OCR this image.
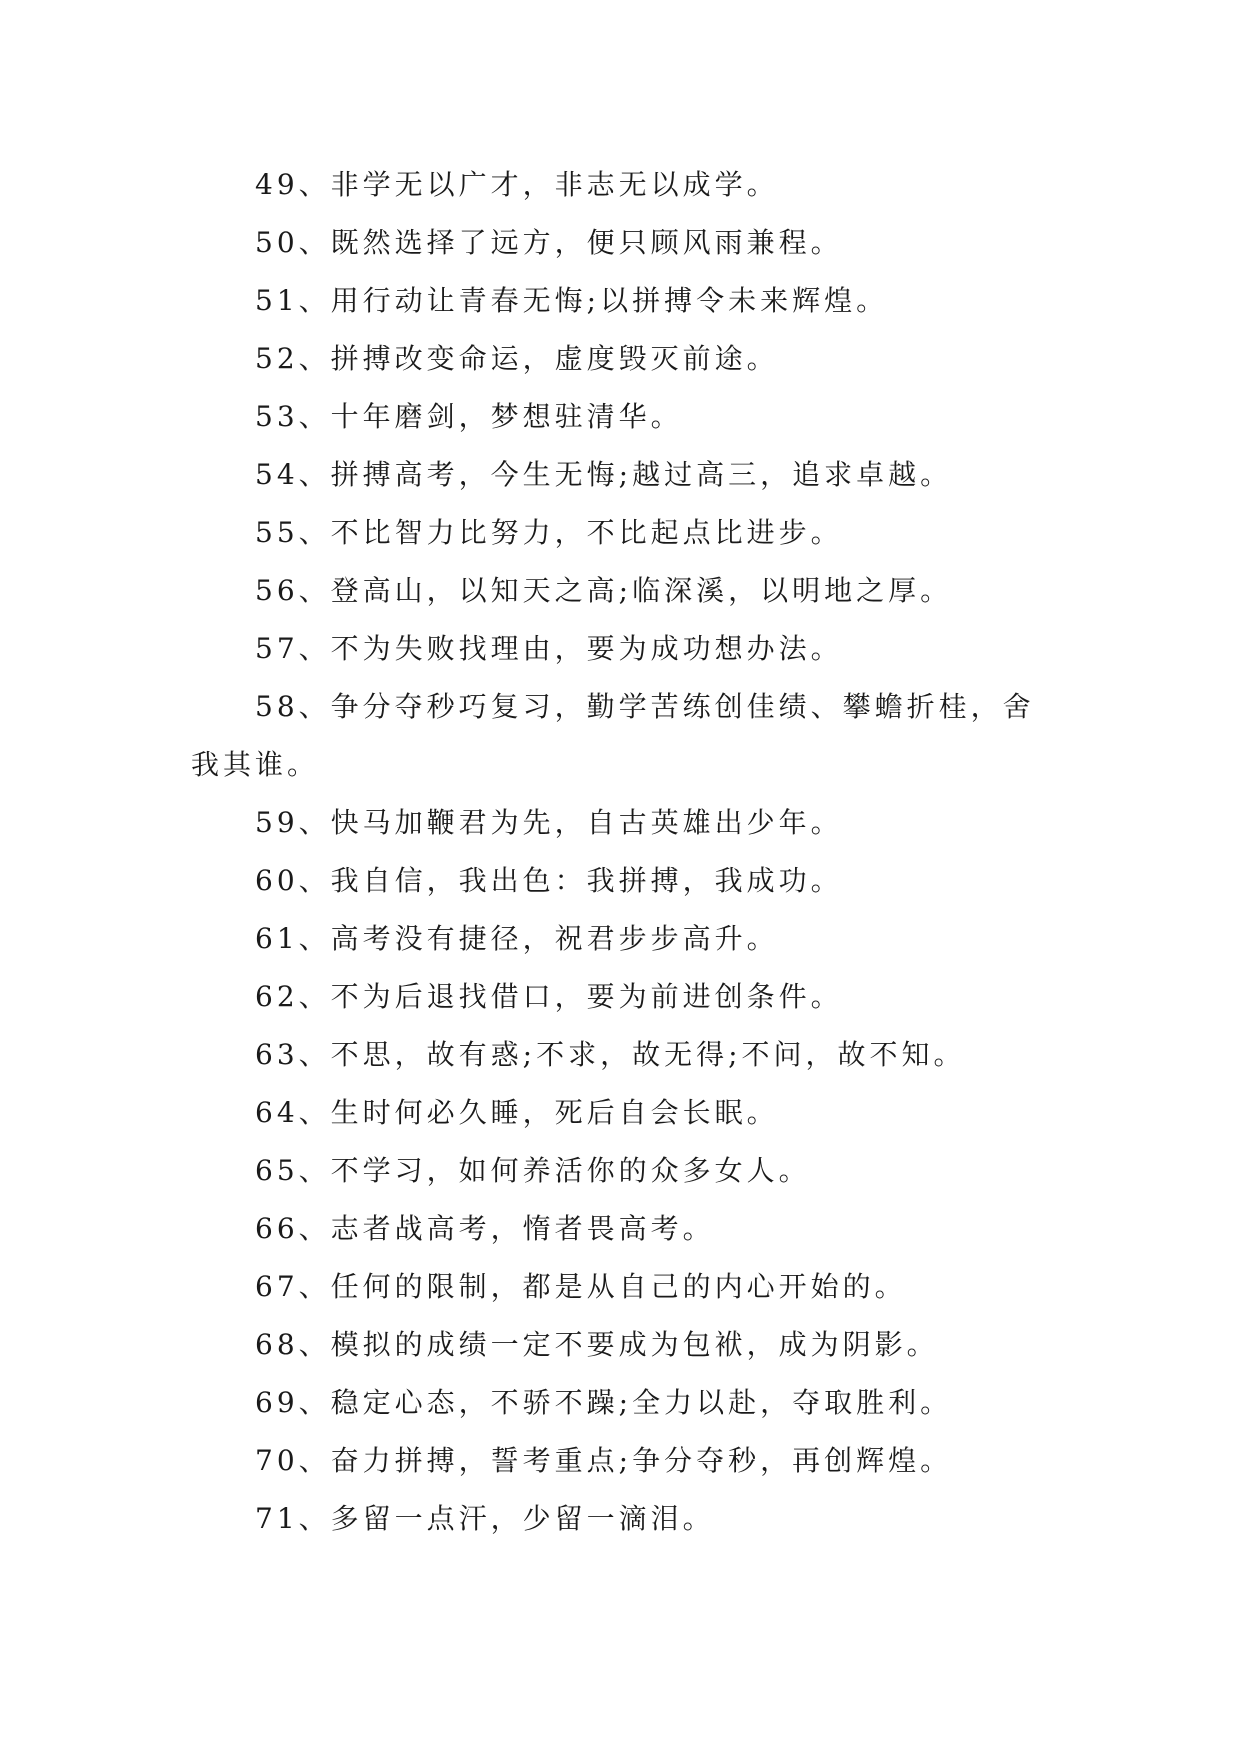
49、非学无以广才，非志无以成学。

50、既然选择了远方，便只顾风雨兼程。

51、用行动让青春无悔;以拼搏令未来辉煌。

52、拼搏改变命运，虚度毁灭前途。

53、十年磨剑，梦想驻清华。

54、拼搏高考，今生无悔;越过高三，追求卓越。

55、不比智力比努力，不比起点比进步。

56、登高山，以知天之高;临深溪，以明地之厚。

57、不为失败找理由，要为成功想办法。

58、争分夺秒巧复习，勤学苦练创佳绩、攀蟾折桂，舍我其谁。

59、快马加鞭君为先，自古英雄出少年。

60、我自信，我出色：我拼搏，我成功。

61、高考没有捷径，祝君步步高升。

62、不为后退找借口，要为前进创条件。

63、不思，故有惑;不求，故无得;不问，故不知。

64、生时何必久睡，死后自会长眠。

65、不学习，如何养活你的众多女人。

66、志者战高考，惰者畏高考。

67、任何的限制，都是从自己的内心开始的。

68、模拟的成绩一定不要成为包袱，成为阴影。

69、稳定心态，不骄不躁;全力以赴，夺取胜利。

70、奋力拼搏，誓考重点;争分夺秒，再创辉煌。

71、多留一点汗，少留一滴泪。
